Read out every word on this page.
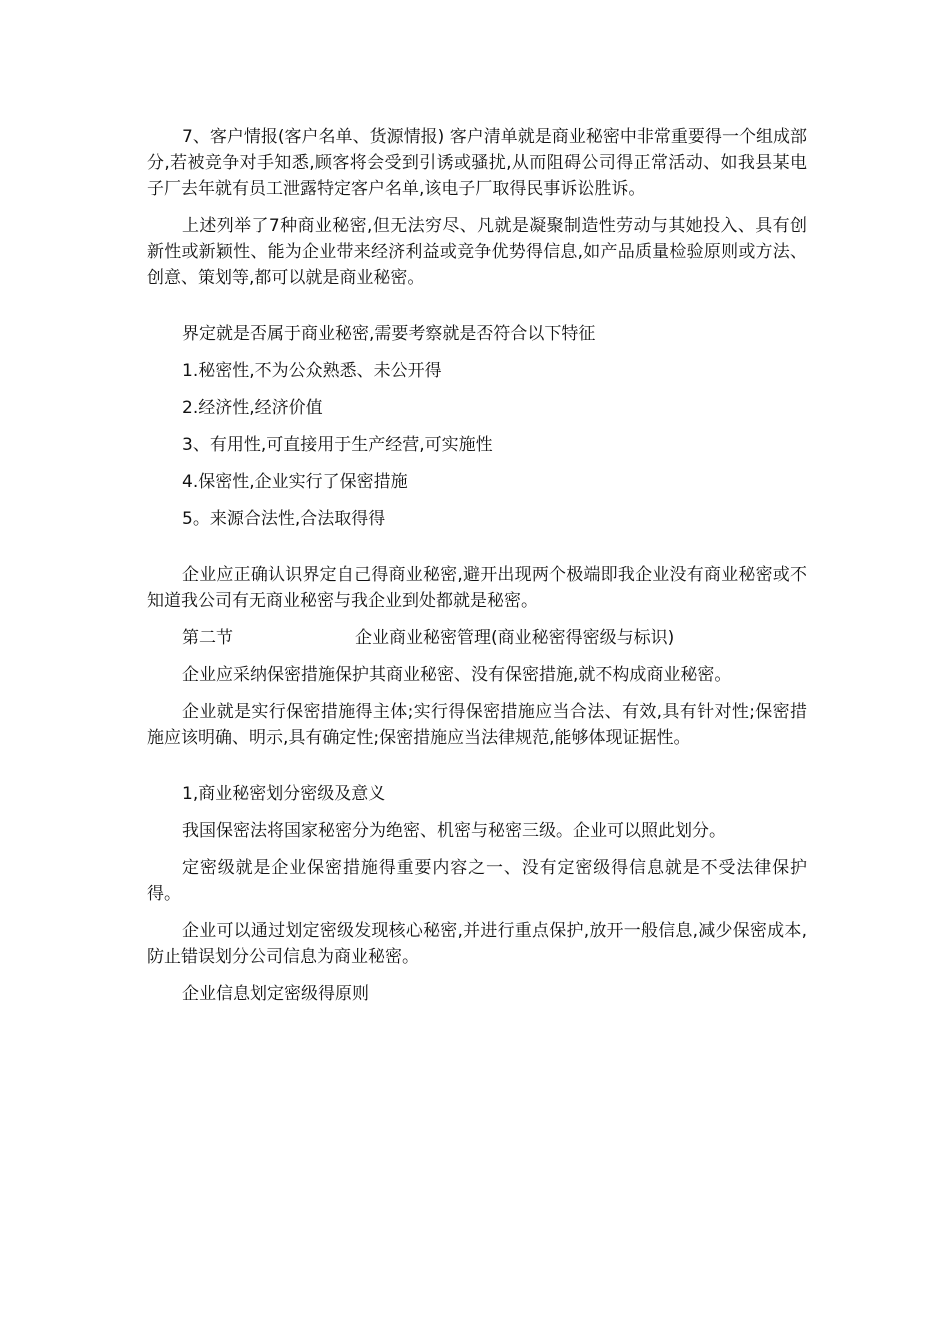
7、客户情报(客户名单、货源情报) 客户清单就是商业秘密中非常重要得一个组成部分,若被竞争对手知悉,顾客将会受到引诱或骚扰,从而阻碍公司得正常活动、如我县某电子厂去年就有员工泄露特定客户名单,该电子厂取得民事诉讼胜诉。

上述列举了7种商业秘密,但无法穷尽、凡就是凝聚制造性劳动与其她投入、具有创新性或新颖性、能为企业带来经济利益或竞争优势得信息,如产品质量检验原则或方法、创意、策划等,都可以就是商业秘密。

界定就是否属于商业秘密,需要考察就是否符合以下特征

1.秘密性,不为公众熟悉、未公开得

2.经济性,经济价值

3、有用性,可直接用于生产经营,可实施性

4.保密性,企业实行了保密措施

5。来源合法性,合法取得得

企业应正确认识界定自己得商业秘密,避开出现两个极端即我企业没有商业秘密或不知道我公司有无商业秘密与我企业到处都就是秘密。

第二节	企业商业秘密管理(商业秘密得密级与标识)

企业应采纳保密措施保护其商业秘密、没有保密措施,就不构成商业秘密。

企业就是实行保密措施得主体;实行得保密措施应当合法、有效,具有针对性;保密措施应该明确、明示,具有确定性;保密措施应当法律规范,能够体现证据性。

1,商业秘密划分密级及意义

我国保密法将国家秘密分为绝密、机密与秘密三级。企业可以照此划分。

定密级就是企业保密措施得重要内容之一、没有定密级得信息就是不受法律保护得。

企业可以通过划定密级发现核心秘密,并进行重点保护,放开一般信息,减少保密成本,防止错误划分公司信息为商业秘密。

企业信息划定密级得原则
